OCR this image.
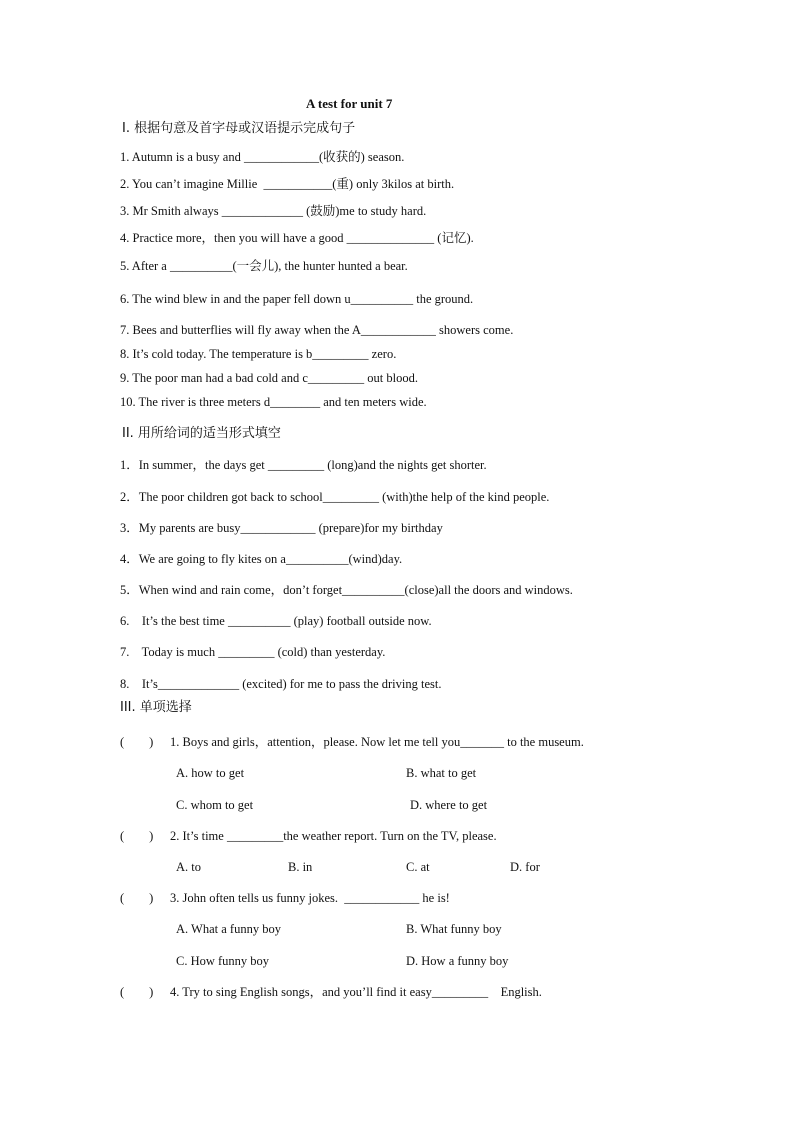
A test for unit 7
Ⅰ. 根据句意及首字母或汉语提示完成句子
1. Autumn is a busy and ____________(收获的) season.
2. You can’t imagine Millie  ___________(重) only 3kilos at birth.
3. Mr Smith always _____________ (鼓励)me to study hard.
4. Practice more，then you will have a good ______________ (记忆).
5. After a __________(一会儿), the hunter hunted a bear.
6. The wind blew in and the paper fell down u__________ the ground.
7. Bees and butterflies will fly away when the A____________ showers come.
8. It’s cold today. The temperature is b_________ zero.
9. The poor man had a bad cold and c_________ out blood.
10. The river is three meters d________ and ten meters wide.
II. 用所给词的适当形式填空
1．In summer，the days get _________ (long)and the nights get shorter.
2．The poor children got back to school_________ (with)the help of the kind people.
3．My parents are busy____________ (prepare)for my birthday
4．We are going to fly kites on a__________(wind)day.
5．When wind and rain come，don’t forget__________(close)all the doors and windows.
6.    It’s the best time __________ (play) football outside now.
7.    Today is much _________ (cold) than yesterday.
8.    It’s_____________ (excited) for me to pass the driving test.
III. 单项选择
(        ) 1. Boys and girls，attention，please. Now let me tell you_______ to the museum.
A. how to get	B. what to get
C. whom to get	D. where to get
(        ) 2. It’s time _________the weather report. Turn on the TV, please.
A. to	B. in	C. at	D. for
(        ) 3. John often tells us funny jokes.  ____________ he is!
A. What a funny boy	B. What funny boy
C. How funny boy	D. How a funny boy
(        ) 4. Try to sing English songs，and you’ll find it easy_________    English.
